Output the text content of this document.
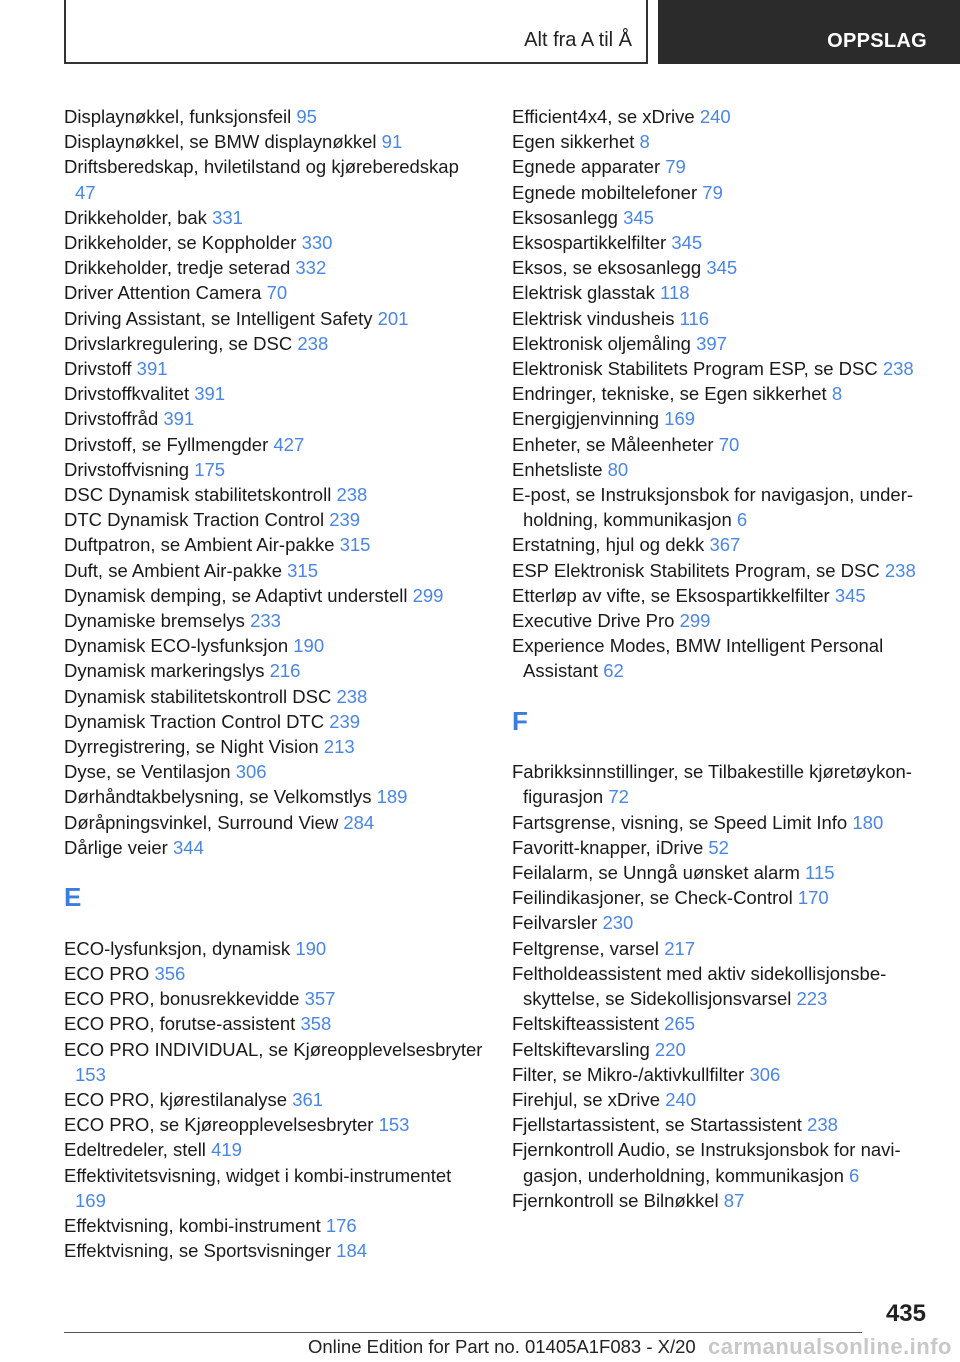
Alt fra A til Å	OPPSLAG
Displaynøkkel, funksjonsfeil 95
Displaynøkkel, se BMW displaynøkkel 91
Driftsberedskap, hviletilstand og kjøreberedskap 47
Drikkeholder, bak 331
Drikkeholder, se Koppholder 330
Drikkeholder, tredje seterad 332
Driver Attention Camera 70
Driving Assistant, se Intelligent Safety 201
Drivslarkregulering, se DSC 238
Drivstoff 391
Drivstoffkvalitet 391
Drivstoffråd 391
Drivstoff, se Fyllmengder 427
Drivstoffvisning 175
DSC Dynamisk stabilitetskontroll 238
DTC Dynamisk Traction Control 239
Duftpatron, se Ambient Air-pakke 315
Duft, se Ambient Air-pakke 315
Dynamisk demping, se Adaptivt understell 299
Dynamiske bremselys 233
Dynamisk ECO-lysfunksjon 190
Dynamisk markeringslys 216
Dynamisk stabilitetskontroll DSC 238
Dynamisk Traction Control DTC 239
Dyrregistrering, se Night Vision 213
Dyse, se Ventilasjon 306
Dørhåndtakbelysning, se Velkomstlys 189
Døråpningsvinkel, Surround View 284
Dårlige veier 344
E
ECO-lysfunksjon, dynamisk 190
ECO PRO 356
ECO PRO, bonusrekkevidde 357
ECO PRO, forutse-assistent 358
ECO PRO INDIVIDUAL, se Kjøreopplevelsesbryter 153
ECO PRO, kjørestilanalyse 361
ECO PRO, se Kjøreopplevelsesbryter 153
Edeltredeler, stell 419
Effektivitetsvisning, widget i kombi-instrumentet 169
Effektvisning, kombi-instrument 176
Effektvisning, se Sportsvisninger 184
Efficient4x4, se xDrive 240
Egen sikkerhet 8
Egnede apparater 79
Egnede mobiltelefoner 79
Eksosanlegg 345
Eksospartikkelfilter 345
Eksos, se eksosanlegg 345
Elektrisk glasstak 118
Elektrisk vindusheis 116
Elektronisk oljemåling 397
Elektronisk Stabilitets Program ESP, se DSC 238
Endringer, tekniske, se Egen sikkerhet 8
Energigjenvinning 169
Enheter, se Måleenheter 70
Enhetsliste 80
E-post, se Instruksjonsbok for navigasjon, underholdning, kommunikasjon 6
Erstatning, hjul og dekk 367
ESP Elektronisk Stabilitets Program, se DSC 238
Etterløp av vifte, se Eksospartikkelfilter 345
Executive Drive Pro 299
Experience Modes, BMW Intelligent Personal Assistant 62
F
Fabrikksinnstillinger, se Tilbakestille kjøretøykonfigurasjon 72
Fartsgrense, visning, se Speed Limit Info 180
Favoritt-knapper, iDrive 52
Feilalarm, se Unngå uønsket alarm 115
Feilindikasjoner, se Check-Control 170
Feilvarsler 230
Feltgrense, varsel 217
Feltholdeassistent med aktiv sidekollisjonsbeskyttelse, se Sidekollisjonsvarsel 223
Feltskifteassistent 265
Feltskiftevarsling 220
Filter, se Mikro-/aktivkullfilter 306
Firehjul, se xDrive 240
Fjellstartassistent, se Startassistent 238
Fjernkontroll Audio, se Instruksjonsbok for navigasjon, underholdning, kommunikasjon 6
Fjernkontroll se Bilnøkkel 87
435
Online Edition for Part no. 01405A1F083 - X/20 carmanualsonline.info
